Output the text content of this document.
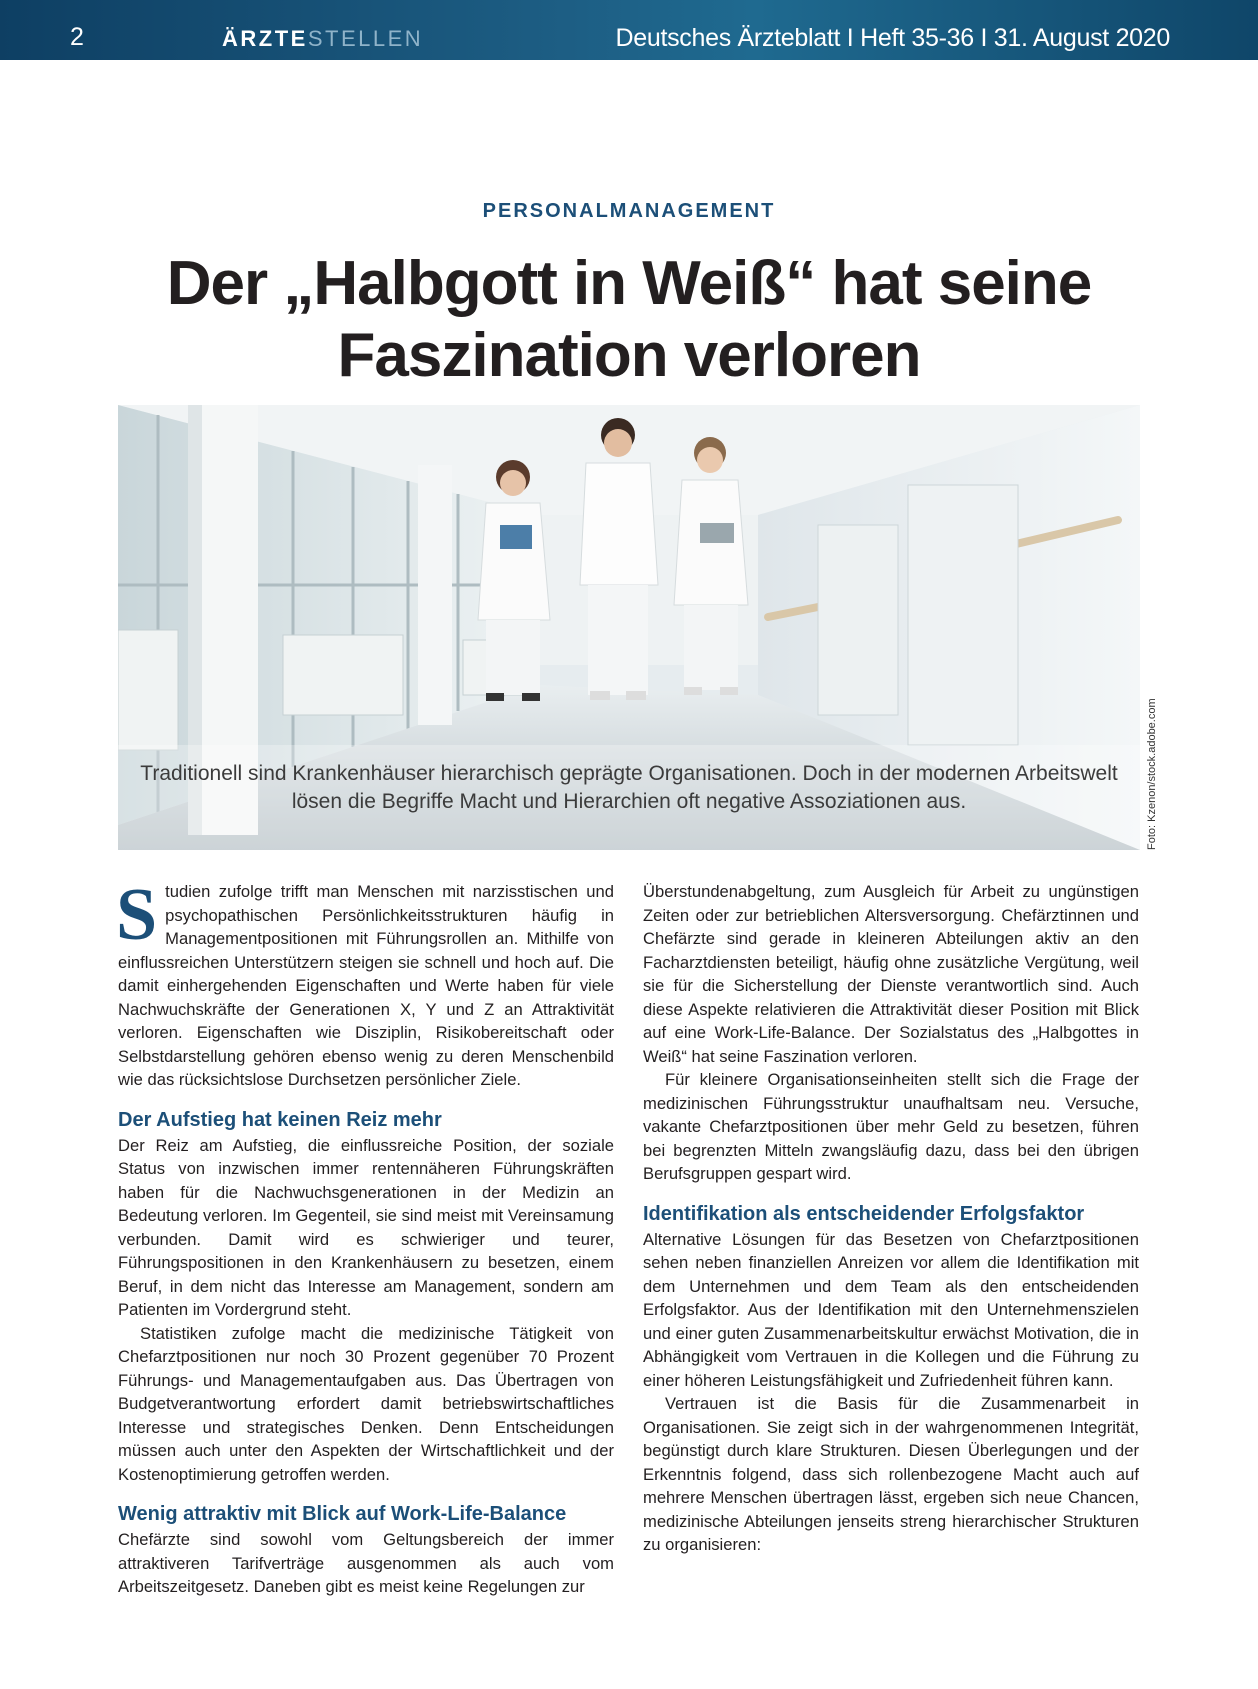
2	ÄRZTESTELLEN	Deutsches Ärzteblatt I Heft 35-36 I 31. August 2020
PERSONALMANAGEMENT
Der „Halbgott in Weiß“ hat seine Faszination verloren
Traditionell sind Krankenhäuser hierarchisch geprägte Organisationen. Doch in der modernen Arbeitswelt lösen die Begriffe Macht und Hierarchien oft negative Assoziationen aus.	Foto: Kzenon/stock.adobe.com

Studien zufolge trifft man Menschen mit narzisstischen und psychopathischen Persönlichkeitsstrukturen häufig in Managementpositionen mit Führungsrollen an. Mithilfe von einflussreichen Unterstützern steigen sie schnell und hoch auf. Die damit einhergehenden Eigenschaften und Werte haben für viele Nachwuchskräfte der Generationen X, Y und Z an Attraktivität verloren. Eigenschaften wie Disziplin, Risikobereitschaft oder Selbstdarstellung gehören ebenso wenig zu deren Menschenbild wie das rücksichtslose Durchsetzen persönlicher Ziele.

Der Aufstieg hat keinen Reiz mehr

Der Reiz am Aufstieg, die einflussreiche Position, der soziale Status von inzwischen immer rentennäheren Führungskräften haben für die Nachwuchsgenerationen in der Medizin an Bedeutung verloren. Im Gegenteil, sie sind meist mit Vereinsamung verbunden. Damit wird es schwieriger und teurer, Führungspositionen in den Krankenhäusern zu besetzen, einem Beruf, in dem nicht das Interesse am Management, sondern am Patienten im Vordergrund steht.

Statistiken zufolge macht die medizinische Tätigkeit von Chefarztpositionen nur noch 30 Prozent gegenüber 70 Prozent Führungs- und Managementaufgaben aus. Das Übertragen von Budgetverantwortung erfordert damit betriebswirtschaftliches Interesse und strategisches Denken. Denn Entscheidungen müssen auch unter den Aspekten der Wirtschaftlichkeit und der Kostenoptimierung getroffen werden.

Wenig attraktiv mit Blick auf Work-Life-Balance

Chefärzte sind sowohl vom Geltungsbereich der immer attraktiveren Tarifverträge ausgenommen als auch vom Arbeitszeitgesetz. Daneben gibt es meist keine Regelungen zur

Überstundenabgeltung, zum Ausgleich für Arbeit zu ungünstigen Zeiten oder zur betrieblichen Altersversorgung. Chefärztinnen und Chefärzte sind gerade in kleineren Abteilungen aktiv an den Facharztdiensten beteiligt, häufig ohne zusätzliche Vergütung, weil sie für die Sicherstellung der Dienste verantwortlich sind. Auch diese Aspekte relativieren die Attraktivität dieser Position mit Blick auf eine Work-Life-Balance. Der Sozialstatus des „Halbgottes in Weiß“ hat seine Faszination verloren.

Für kleinere Organisationseinheiten stellt sich die Frage der medizinischen Führungsstruktur unaufhaltsam neu. Versuche, vakante Chefarztpositionen über mehr Geld zu besetzen, führen bei begrenzten Mitteln zwangsläufig dazu, dass bei den übrigen Berufsgruppen gespart wird.

Identifikation als entscheidender Erfolgsfaktor

Alternative Lösungen für das Besetzen von Chefarztpositionen sehen neben finanziellen Anreizen vor allem die Identifikation mit dem Unternehmen und dem Team als den entscheidenden Erfolgsfaktor. Aus der Identifikation mit den Unternehmenszielen und einer guten Zusammenarbeitskultur erwächst Motivation, die in Abhängigkeit vom Vertrauen in die Kollegen und die Führung zu einer höheren Leistungsfähigkeit und Zufriedenheit führen kann.

Vertrauen ist die Basis für die Zusammenarbeit in Organisationen. Sie zeigt sich in der wahrgenommenen Integrität, begünstigt durch klare Strukturen. Diesen Überlegungen und der Erkenntnis folgend, dass sich rollenbezogene Macht auch auf mehrere Menschen übertragen lässt, ergeben sich neue Chancen, medizinische Abteilungen jenseits streng hierarchischer Strukturen zu organisieren:
